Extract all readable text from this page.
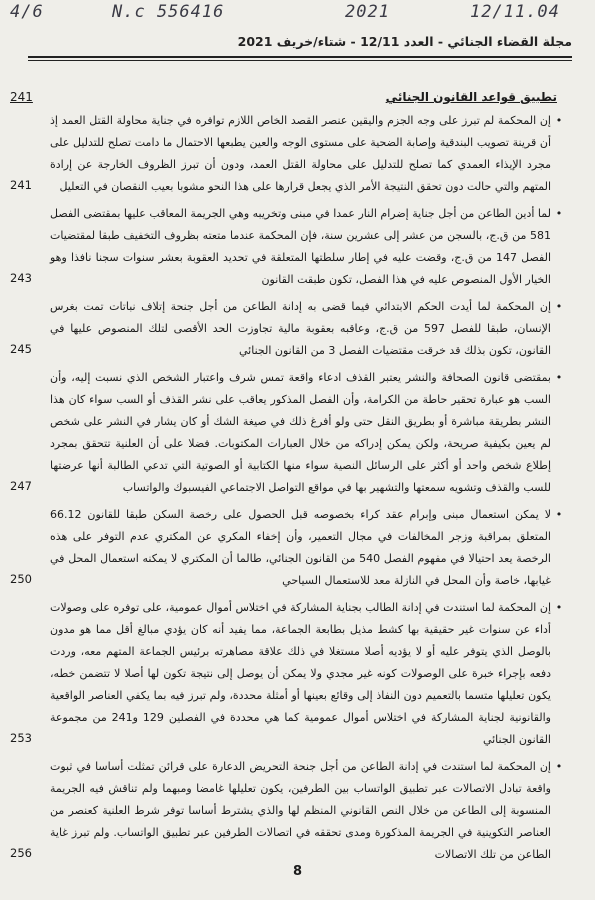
4/6	N.c 556416	2021	12/11.04
مجلة القضاء الجنائي - العدد 12/11 - شتاء/خريف 2021
تطبيق قواعد القانون الجنائي
241
•
إن المحكمة لم تبرز على وجه الجزم واليقين عنصر القصد الخاص اللازم توافره في جناية محاولة القتل العمد إذ أن قرينة تصويب البندقية وإصابة الضحية على مستوى الوجه والعين يطبعها الاحتمال ما دامت تصلح للتدليل على مجرد الإيذاء العمدي كما تصلح للتدليل على محاولة القتل العمد، ودون أن تبرز الظروف الخارجة عن إرادة المتهم والتي حالت دون تحقق النتيجة الأمر الذي يجعل قرارها على هذا النحو مشوبا بعيب النقصان في التعليل
241
•
لما أدين الطاعن من أجل جناية إضرام النار عمدا في مبنى وتخريبه وهي الجريمة المعاقب عليها بمقتضى الفصل 581 من ق.ج، بالسجن من عشر إلى عشرين سنة، فإن المحكمة عندما متعته بظروف التخفيف طبقا لمقتضيات الفصل 147 من ق.ج، وقضت عليه في إطار سلطتها المتعلقة في تحديد العقوبة بعشر سنوات سجنا نافذا وهو الخيار الأول المنصوص عليه في هذا الفصل، تكون طبقت القانون
243
•
إن المحكمة لما أيدت الحكم الابتدائي فيما قضى به إدانة الطاعن من أجل جنحة إتلاف نباتات تمت بغرس الإنسان، طبقا للفصل 597 من ق.ج، وعاقبه بعقوبة مالية تجاوزت الحد الأقصى لتلك المنصوص عليها في القانون، تكون بذلك قد خرقت مقتضيات الفصل 3 من القانون الجنائي
245
•
بمقتضى قانون الصحافة والنشر يعتبر القذف ادعاء واقعة تمس شرف واعتبار الشخص الذي نسبت إليه، وأن السب هو عبارة تحقير حاطة من الكرامة، وأن الفصل المذكور يعاقب على نشر القذف أو السب سواء كان هذا النشر بطريقة مباشرة أو بطريق النقل حتى ولو أفرغ ذلك في صيغة الشك أو كان يشار في النشر على شخص لم يعين بكيفية صريحة، ولكن يمكن إدراكه من خلال العبارات المكتوبات. فضلا على أن العلنية تتحقق بمجرد إطلاع شخص واحد أو أكثر على الرسائل النصية سواء منها الكتابية أو الصوتية التي تدعي الطالبة أنها عرضتها للسب والقذف وتشويه سمعتها والتشهير بها في مواقع التواصل الاجتماعي الفيسبوك والواتساب
247
•
لا يمكن استعمال مبنى وإبرام عقد كراء بخصوصه قبل الحصول على رخصة السكن طبقا للقانون 66.12 المتعلق بمراقبة وزجر المخالفات في مجال التعمير، وأن إخفاء المكري عن المكتري عدم التوفر على هذه الرخصة يعد احتيالا في مفهوم الفصل 540 من القانون الجنائي، طالما أن المكتري لا يمكنه استعمال المحل في غيابها، خاصة وأن المحل في النازلة معد للاستعمال السياحي
250
•
إن المحكمة لما استندت في إدانة الطالب بجناية المشاركة في اختلاس أموال عمومية، على توفره على وصولات أداء عن سنوات غير حقيقية بها كشط مذيل بطابعة الجماعة، مما يفيد أنه كان يؤدي مبالغ أقل مما هو مدون بالوصل الذي يتوفر عليه أو لا يؤديه أصلا مستغلا في ذلك علاقة مصاهرته برئيس الجماعة المتهم معه، وردت دفعه بإجراء خبرة على الوصولات كونه غير مجدي ولا يمكن أن يوصل إلى نتيجة تكون لها أصلا لا تتضمن خطه، يكون تعليلها متسما بالتعميم دون النفاذ إلى وقائع بعينها أو أمثلة محددة، ولم تبرز فيه بما يكفي العناصر الواقعية والقانونية لجناية المشاركة في اختلاس أموال عمومية كما هي محددة في الفصلين 129 و241 من مجموعة القانون الجنائي
253
•
إن المحكمة لما استندت في إدانة الطاعن من أجل جنحة التحريض الدعارة على قرائن تمثلت أساسا في ثبوت واقعة تبادل الاتصالات عبر تطبيق الواتساب بين الطرفين، يكون تعليلها غامضا ومبهما ولم تناقش فيه الجريمة المنسوبة إلى الطاعن من خلال النص القانوني المنظم لها والذي يشترط أساسا توفر شرط العلنية كعنصر من العناصر التكوينية في الجريمة المذكورة ومدى تحققه في اتصالات الطرفين عبر تطبيق الواتساب. ولم تبرز غاية الطاعن من تلك الاتصالات
256
8
